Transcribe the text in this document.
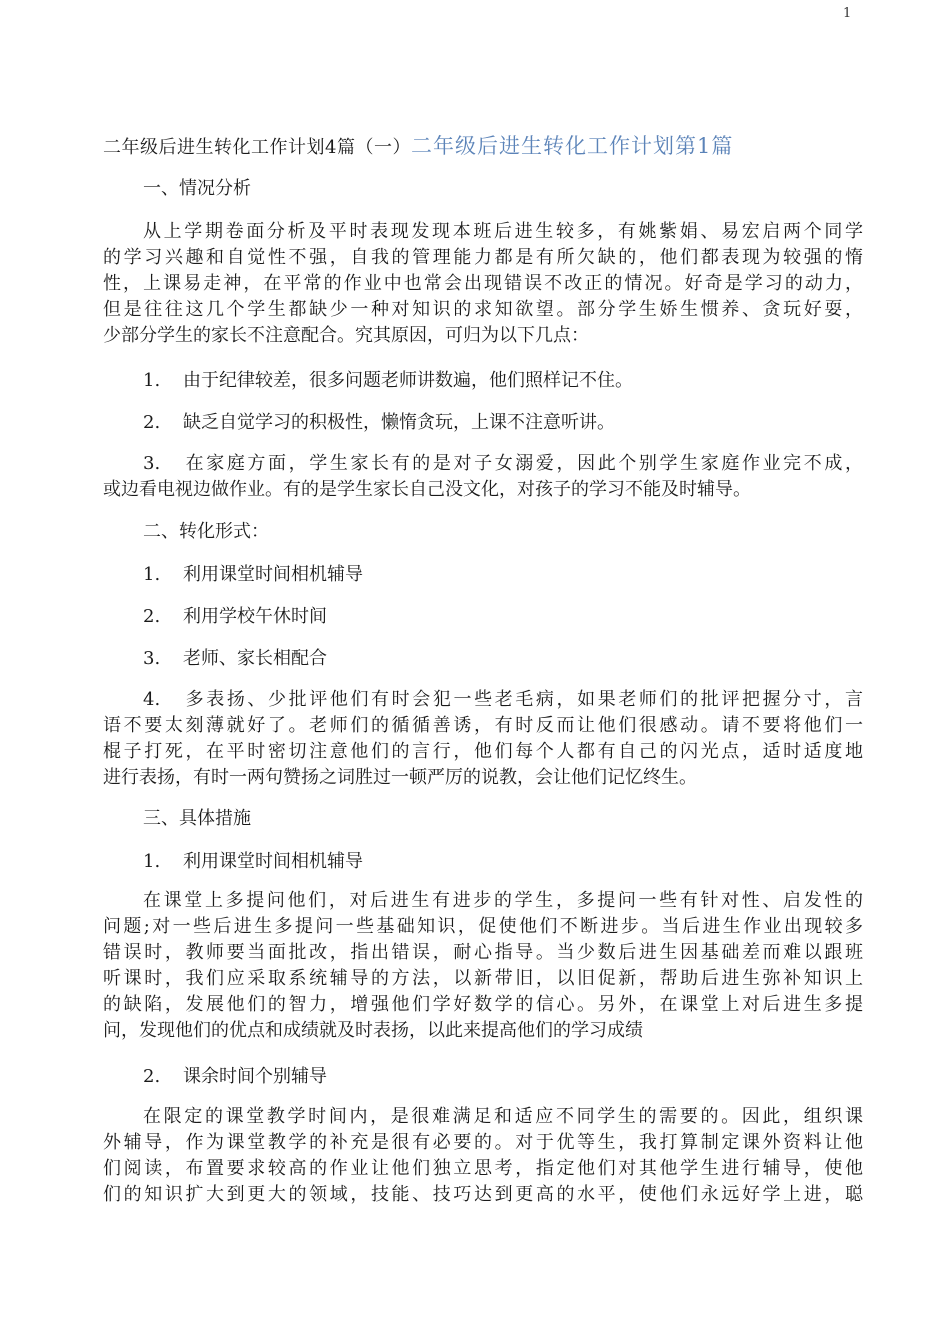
1
二年级后进生转化工作计划4篇（一）二年级后进生转化工作计划第1篇
一、情况分析
从上学期卷面分析及平时表现发现本班后进生较多，有姚紫娟、易宏启两个同学
的学习兴趣和自觉性不强，自我的管理能力都是有所欠缺的，他们都表现为较强的惰
性，上课易走神，在平常的作业中也常会出现错误不改正的情况。好奇是学习的动力，
但是往往这几个学生都缺少一种对知识的求知欲望。部分学生娇生惯养、贪玩好耍，
少部分学生的家长不注意配合。究其原因，可归为以下几点：
1. 由于纪律较差，很多问题老师讲数遍，他们照样记不住。
2. 缺乏自觉学习的积极性，懒惰贪玩，上课不注意听讲。
3. 在家庭方面，学生家长有的是对子女溺爱，因此个别学生家庭作业完不成，
或边看电视边做作业。有的是学生家长自己没文化，对孩子的学习不能及时辅导。
二、转化形式：
1. 利用课堂时间相机辅导
2. 利用学校午休时间
3. 老师、家长相配合
4. 多表扬、少批评他们有时会犯一些老毛病，如果老师们的批评把握分寸，言
语不要太刻薄就好了。老师们的循循善诱，有时反而让他们很感动。请不要将他们一
棍子打死，在平时密切注意他们的言行，他们每个人都有自己的闪光点，适时适度地
进行表扬，有时一两句赞扬之词胜过一顿严厉的说教，会让他们记忆终生。
三、具体措施
1. 利用课堂时间相机辅导
在课堂上多提问他们，对后进生有进步的学生，多提问一些有针对性、启发性的
问题;对一些后进生多提问一些基础知识，促使他们不断进步。当后进生作业出现较多
错误时，教师要当面批改，指出错误，耐心指导。当少数后进生因基础差而难以跟班
听课时，我们应采取系统辅导的方法，以新带旧，以旧促新，帮助后进生弥补知识上
的缺陷，发展他们的智力，增强他们学好数学的信心。另外，在课堂上对后进生多提
问，发现他们的优点和成绩就及时表扬，以此来提高他们的学习成绩
2. 课余时间个别辅导
在限定的课堂教学时间内，是很难满足和适应不同学生的需要的。因此，组织课
外辅导，作为课堂教学的补充是很有必要的。对于优等生，我打算制定课外资料让他
们阅读，布置要求较高的作业让他们独立思考，指定他们对其他学生进行辅导，使他
们的知识扩大到更大的领域，技能、技巧达到更高的水平，使他们永远好学上进，聪
